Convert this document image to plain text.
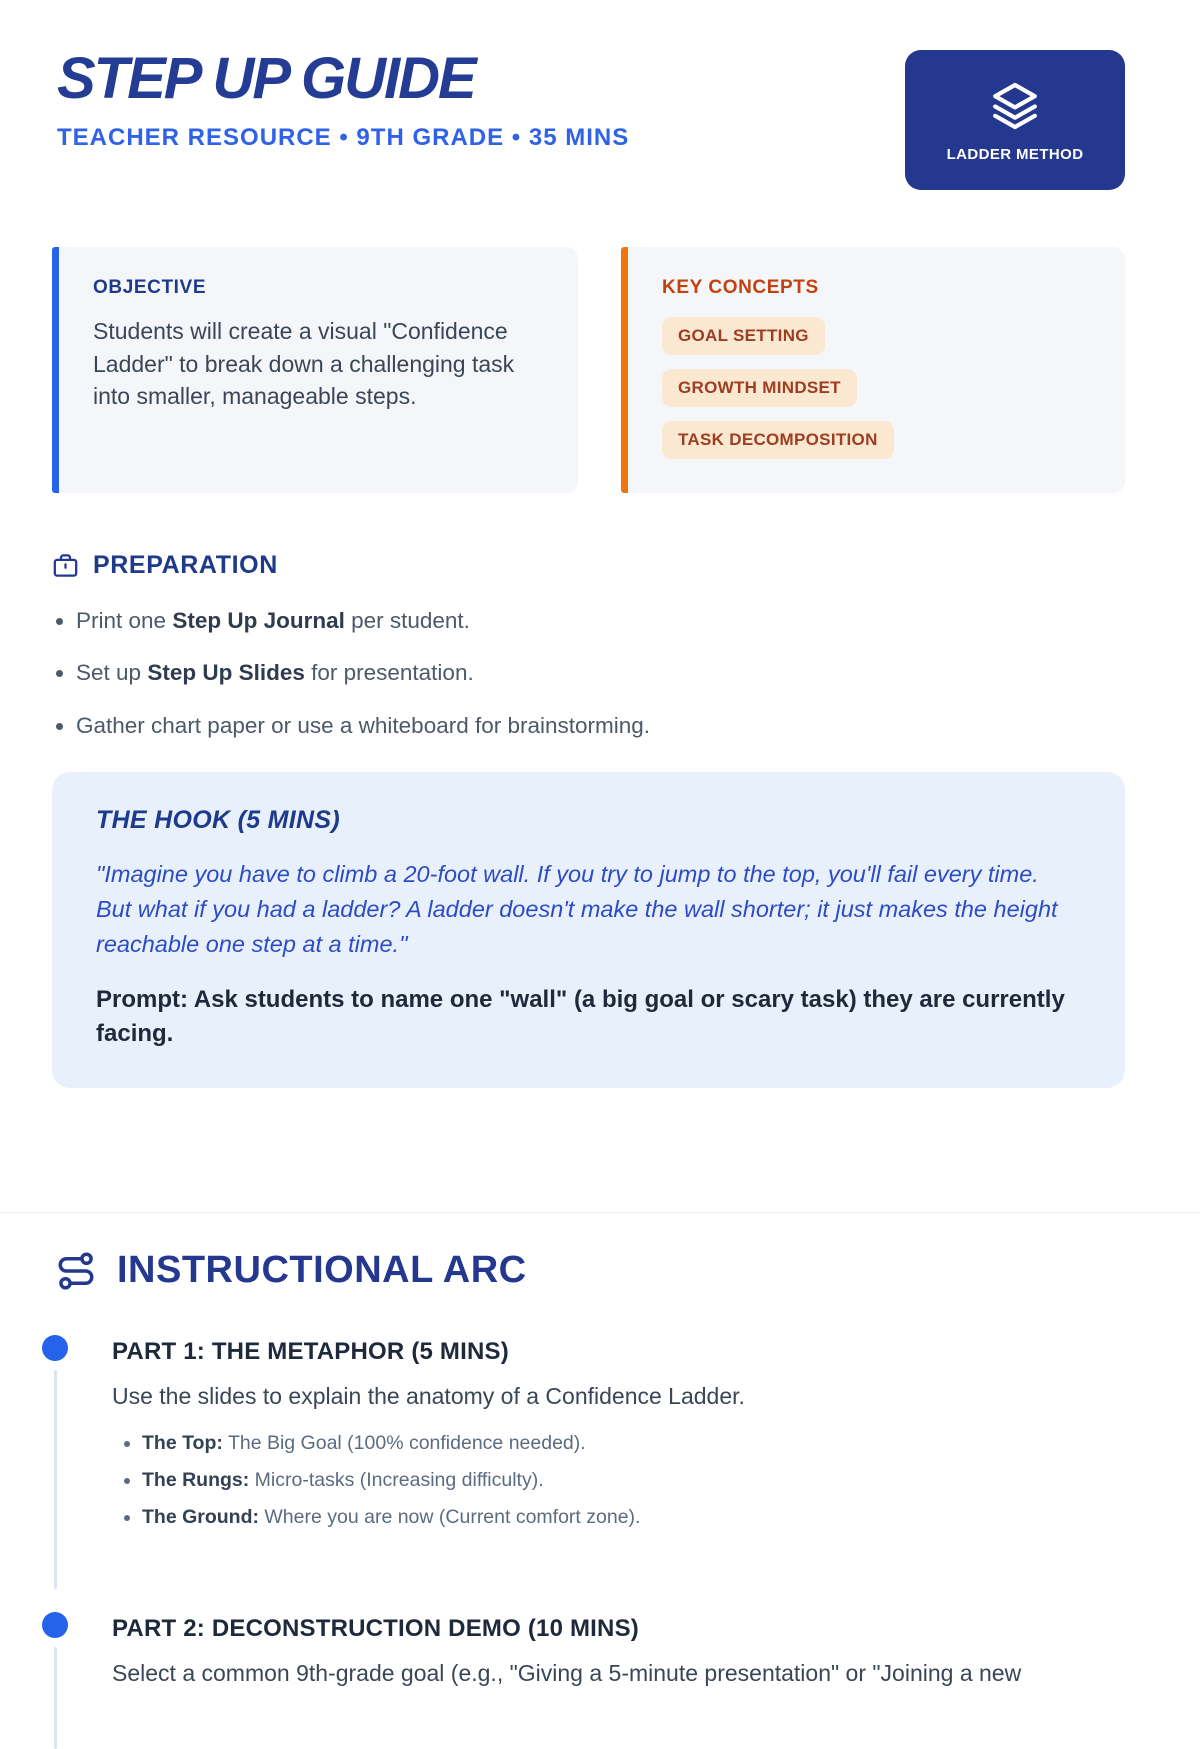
STEP UP GUIDE
TEACHER RESOURCE • 9TH GRADE • 35 MINS
LADDER METHOD
OBJECTIVE

Students will create a visual "Confidence Ladder" to break down a challenging task into smaller, manageable steps.

KEY CONCEPTS
GOAL SETTING
GROWTH MINDSET
TASK DECOMPOSITION
PREPARATION
• Print one Step Up Journal per student.
• Set up Step Up Slides for presentation.
• Gather chart paper or use a whiteboard for brainstorming.
THE HOOK (5 MINS)

"Imagine you have to climb a 20-foot wall. If you try to jump to the top, you'll fail every time. But what if you had a ladder? A ladder doesn't make the wall shorter; it just makes the height reachable one step at a time."

Prompt: Ask students to name one "wall" (a big goal or scary task) they are currently facing.

INSTRUCTIONAL ARC
PART 1: THE METAPHOR (5 MINS)

Use the slides to explain the anatomy of a Confidence Ladder.

• The Top: The Big Goal (100% confidence needed).
• The Rungs: Micro-tasks (Increasing difficulty).
• The Ground: Where you are now (Current comfort zone).
PART 2: DECONSTRUCTION DEMO (10 MINS)

Select a common 9th-grade goal (e.g., "Giving a 5-minute presentation" or "Joining a new
